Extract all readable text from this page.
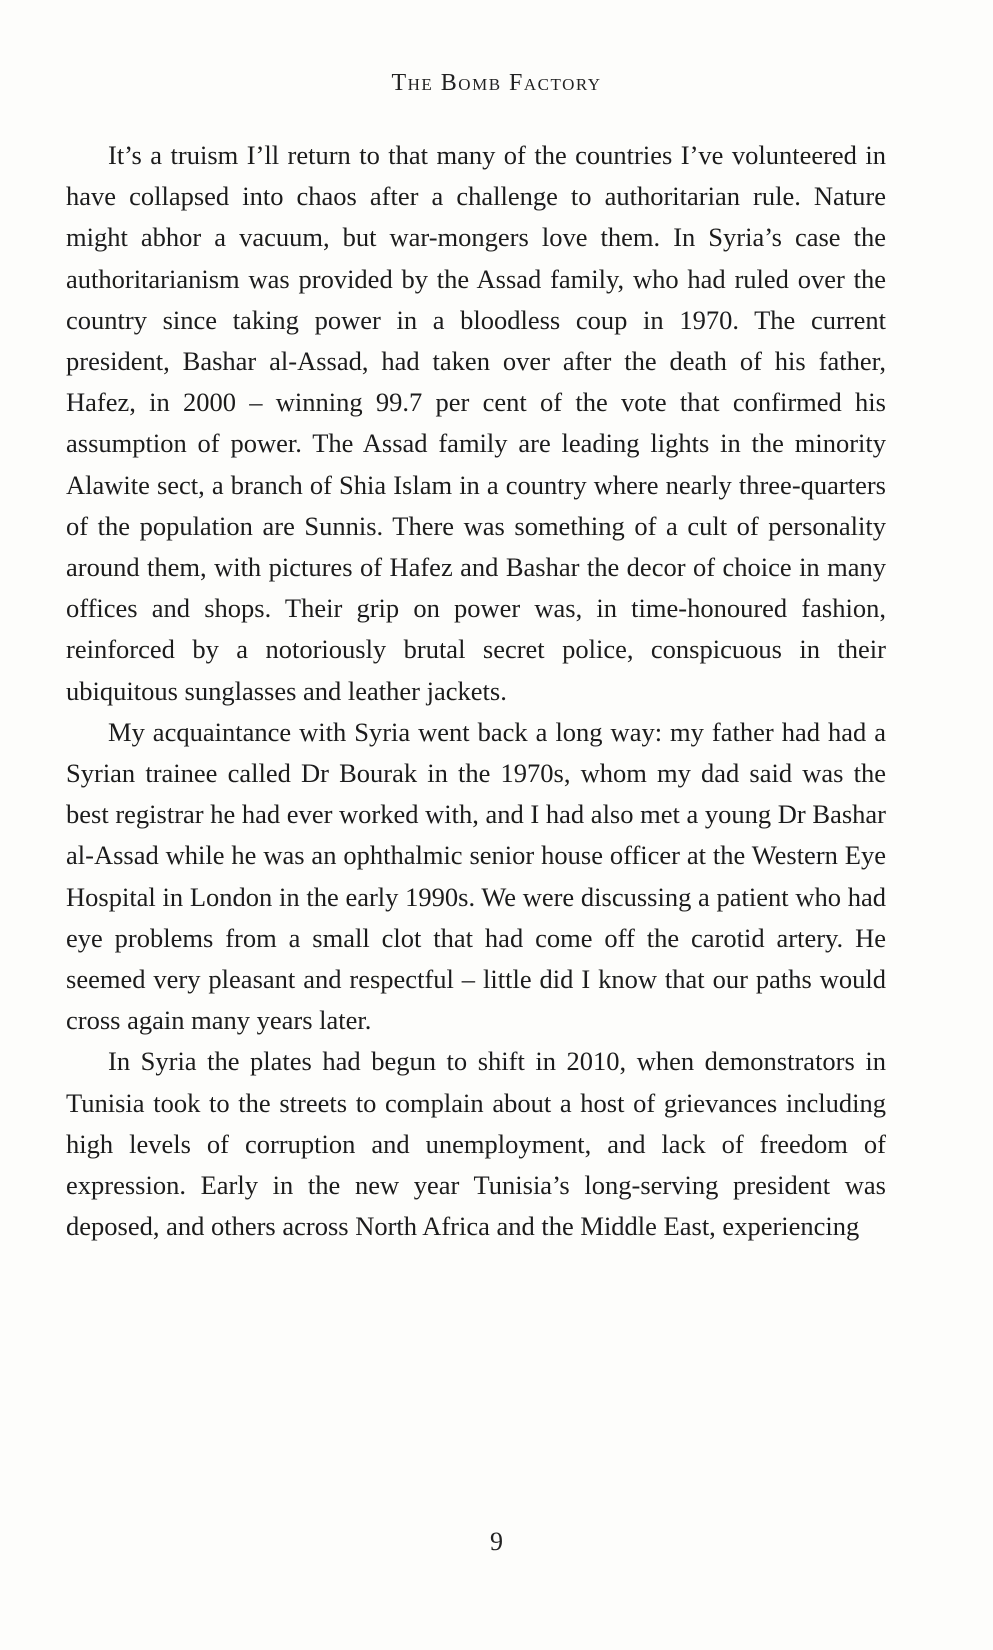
The Bomb Factory

It’s a truism I’ll return to that many of the countries I’ve volunteered in have collapsed into chaos after a challenge to authoritarian rule. Nature might abhor a vacuum, but war-mongers love them. In Syria’s case the authoritarianism was provided by the Assad family, who had ruled over the country since taking power in a bloodless coup in 1970. The current president, Bashar al-Assad, had taken over after the death of his father, Hafez, in 2000 – winning 99.7 per cent of the vote that confirmed his assumption of power. The Assad family are leading lights in the minority Alawite sect, a branch of Shia Islam in a country where nearly three-quarters of the population are Sunnis. There was something of a cult of personality around them, with pictures of Hafez and Bashar the decor of choice in many offices and shops. Their grip on power was, in time-honoured fashion, reinforced by a notoriously brutal secret police, conspicuous in their ubiquitous sunglasses and leather jackets.

My acquaintance with Syria went back a long way: my father had had a Syrian trainee called Dr Bourak in the 1970s, whom my dad said was the best registrar he had ever worked with, and I had also met a young Dr Bashar al-Assad while he was an ophthalmic senior house officer at the Western Eye Hospital in London in the early 1990s. We were discussing a patient who had eye problems from a small clot that had come off the carotid artery. He seemed very pleasant and respectful – little did I know that our paths would cross again many years later.

In Syria the plates had begun to shift in 2010, when demonstrators in Tunisia took to the streets to complain about a host of grievances including high levels of corruption and unemployment, and lack of freedom of expression. Early in the new year Tunisia’s long-serving president was deposed, and others across North Africa and the Middle East, experiencing

9
